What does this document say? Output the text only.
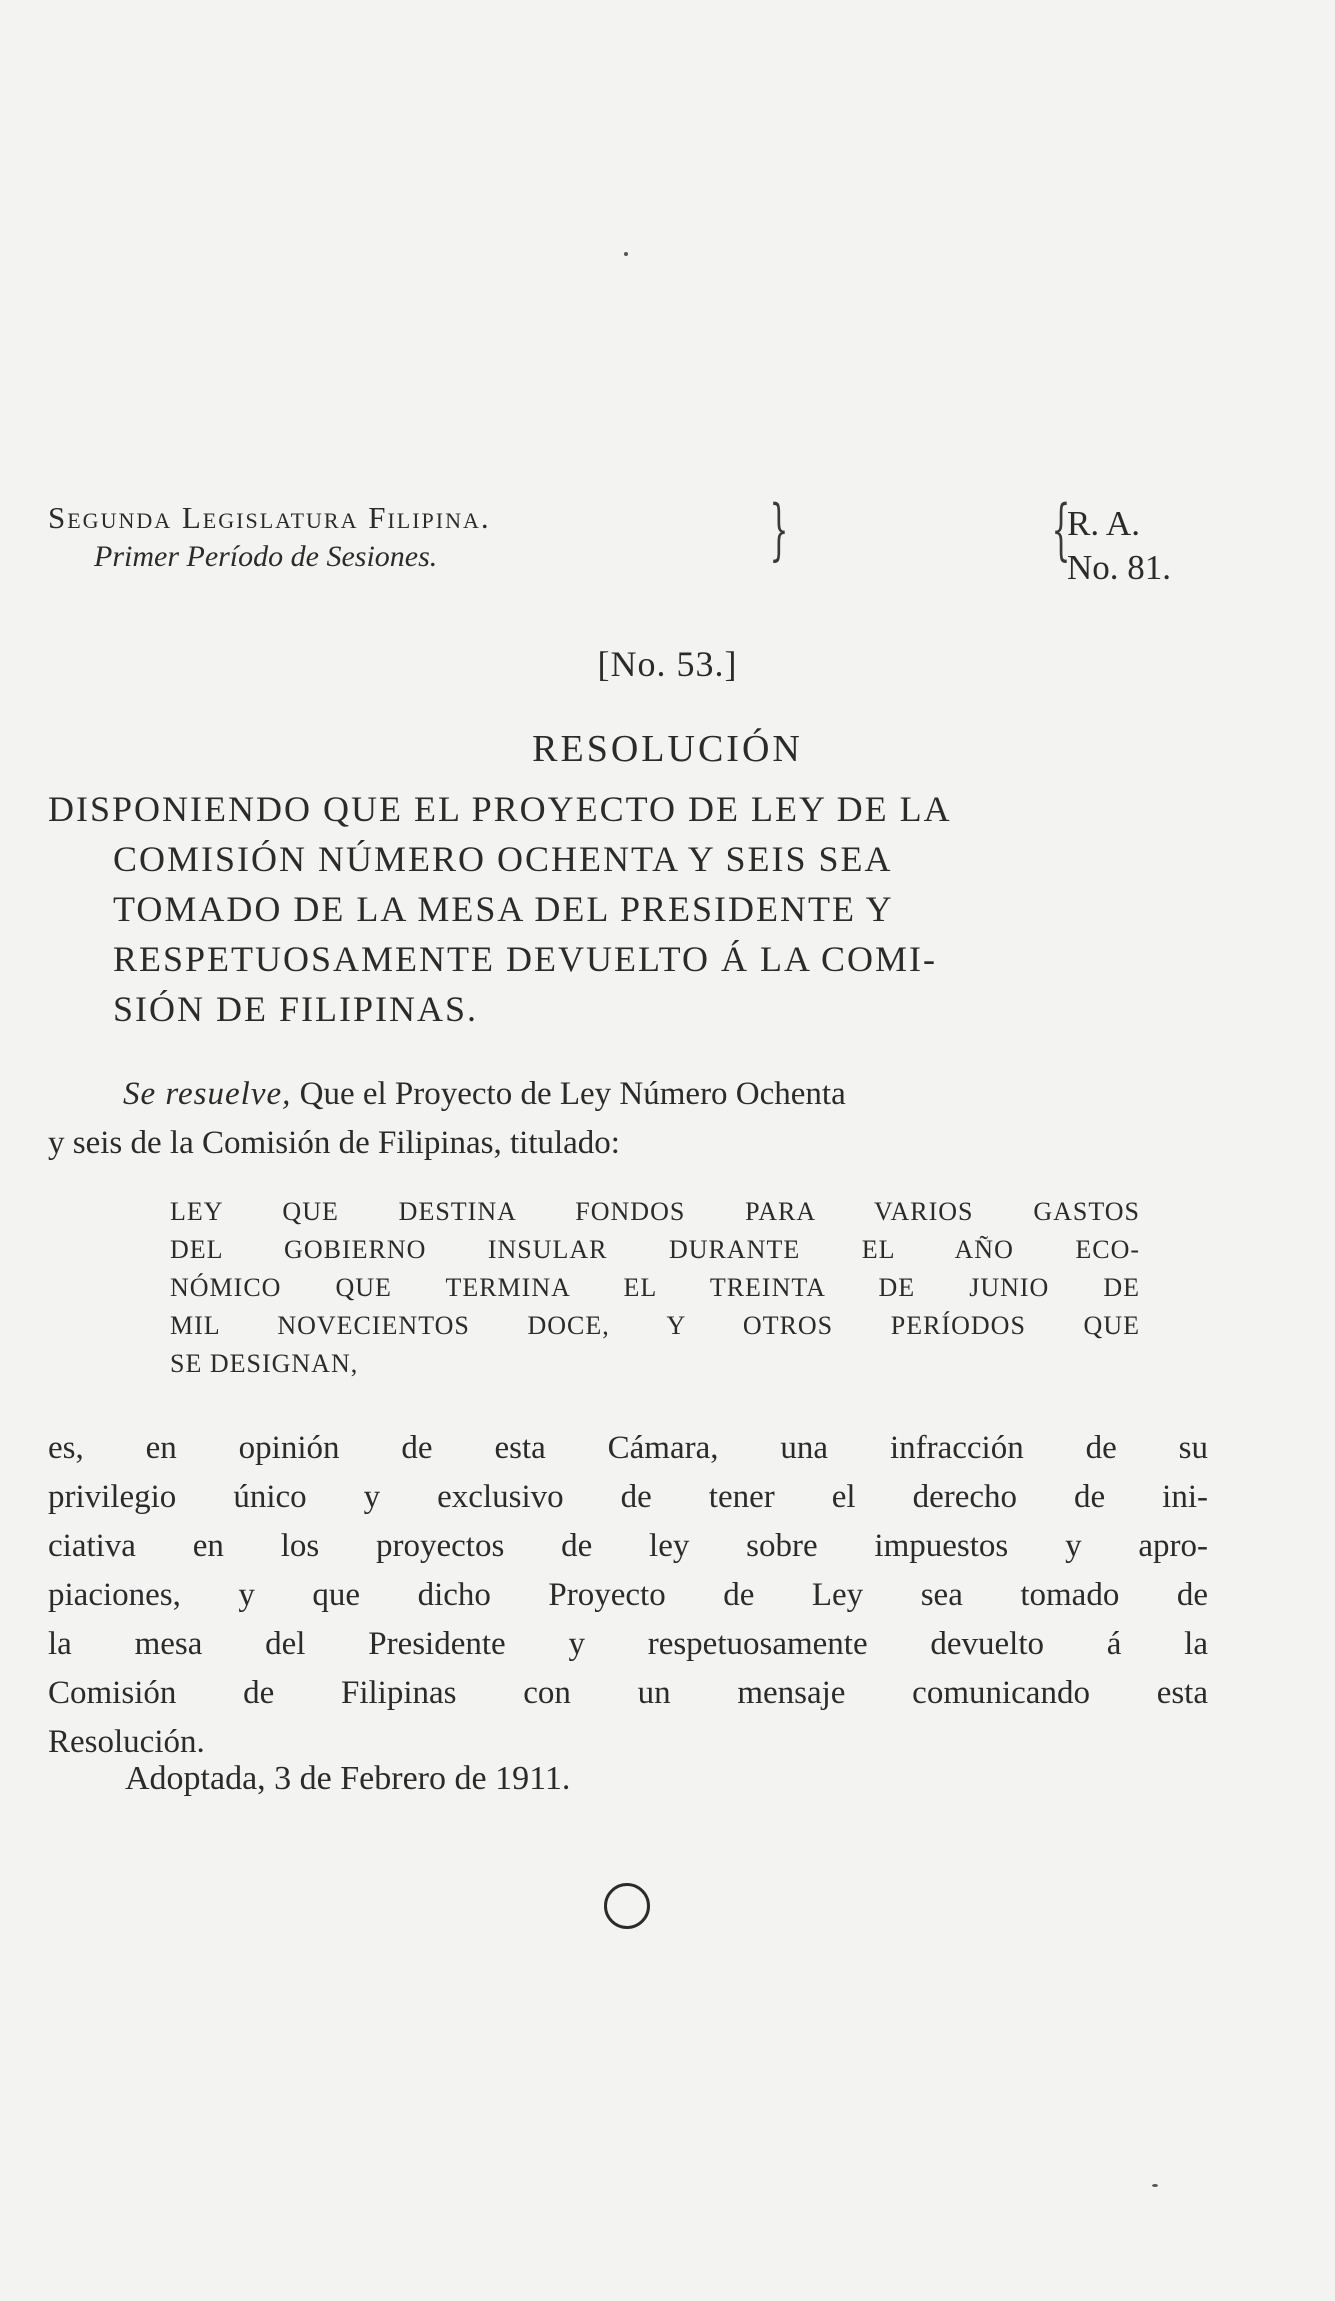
Segunda Legislatura Filipina.
Primer Período de Sesiones.	}	{
R. A.
No. 81.
[No. 53.]
RESOLUCIÓN
DISPONIENDO QUE EL PROYECTO DE LEY DE LA
COMISIÓN NÚMERO OCHENTA Y SEIS SEA
TOMADO DE LA MESA DEL PRESIDENTE Y
RESPETUOSAMENTE DEVUELTO Á LA COMI-
SIÓN DE FILIPINAS.
Se resuelve, Que el Proyecto de Ley Número Ochenta
y seis de la Comisión de Filipinas, titulado:
LEY QUE DESTINA FONDOS PARA VARIOS GASTOS
DEL GOBIERNO INSULAR DURANTE EL AÑO ECO-
NÓMICO QUE TERMINA EL TREINTA DE JUNIO DE
MIL NOVECIENTOS DOCE, Y OTROS PERÍODOS QUE
SE DESIGNAN,
es, en opinión de esta Cámara, una infracción de su
privilegio único y exclusivo de tener el derecho de ini-
ciativa en los proyectos de ley sobre impuestos y apro-
piaciones, y que dicho Proyecto de Ley sea tomado de
la mesa del Presidente y respetuosamente devuelto á la
Comisión de Filipinas con un mensaje comunicando esta
Resolución.
Adoptada, 3 de Febrero de 1911.
